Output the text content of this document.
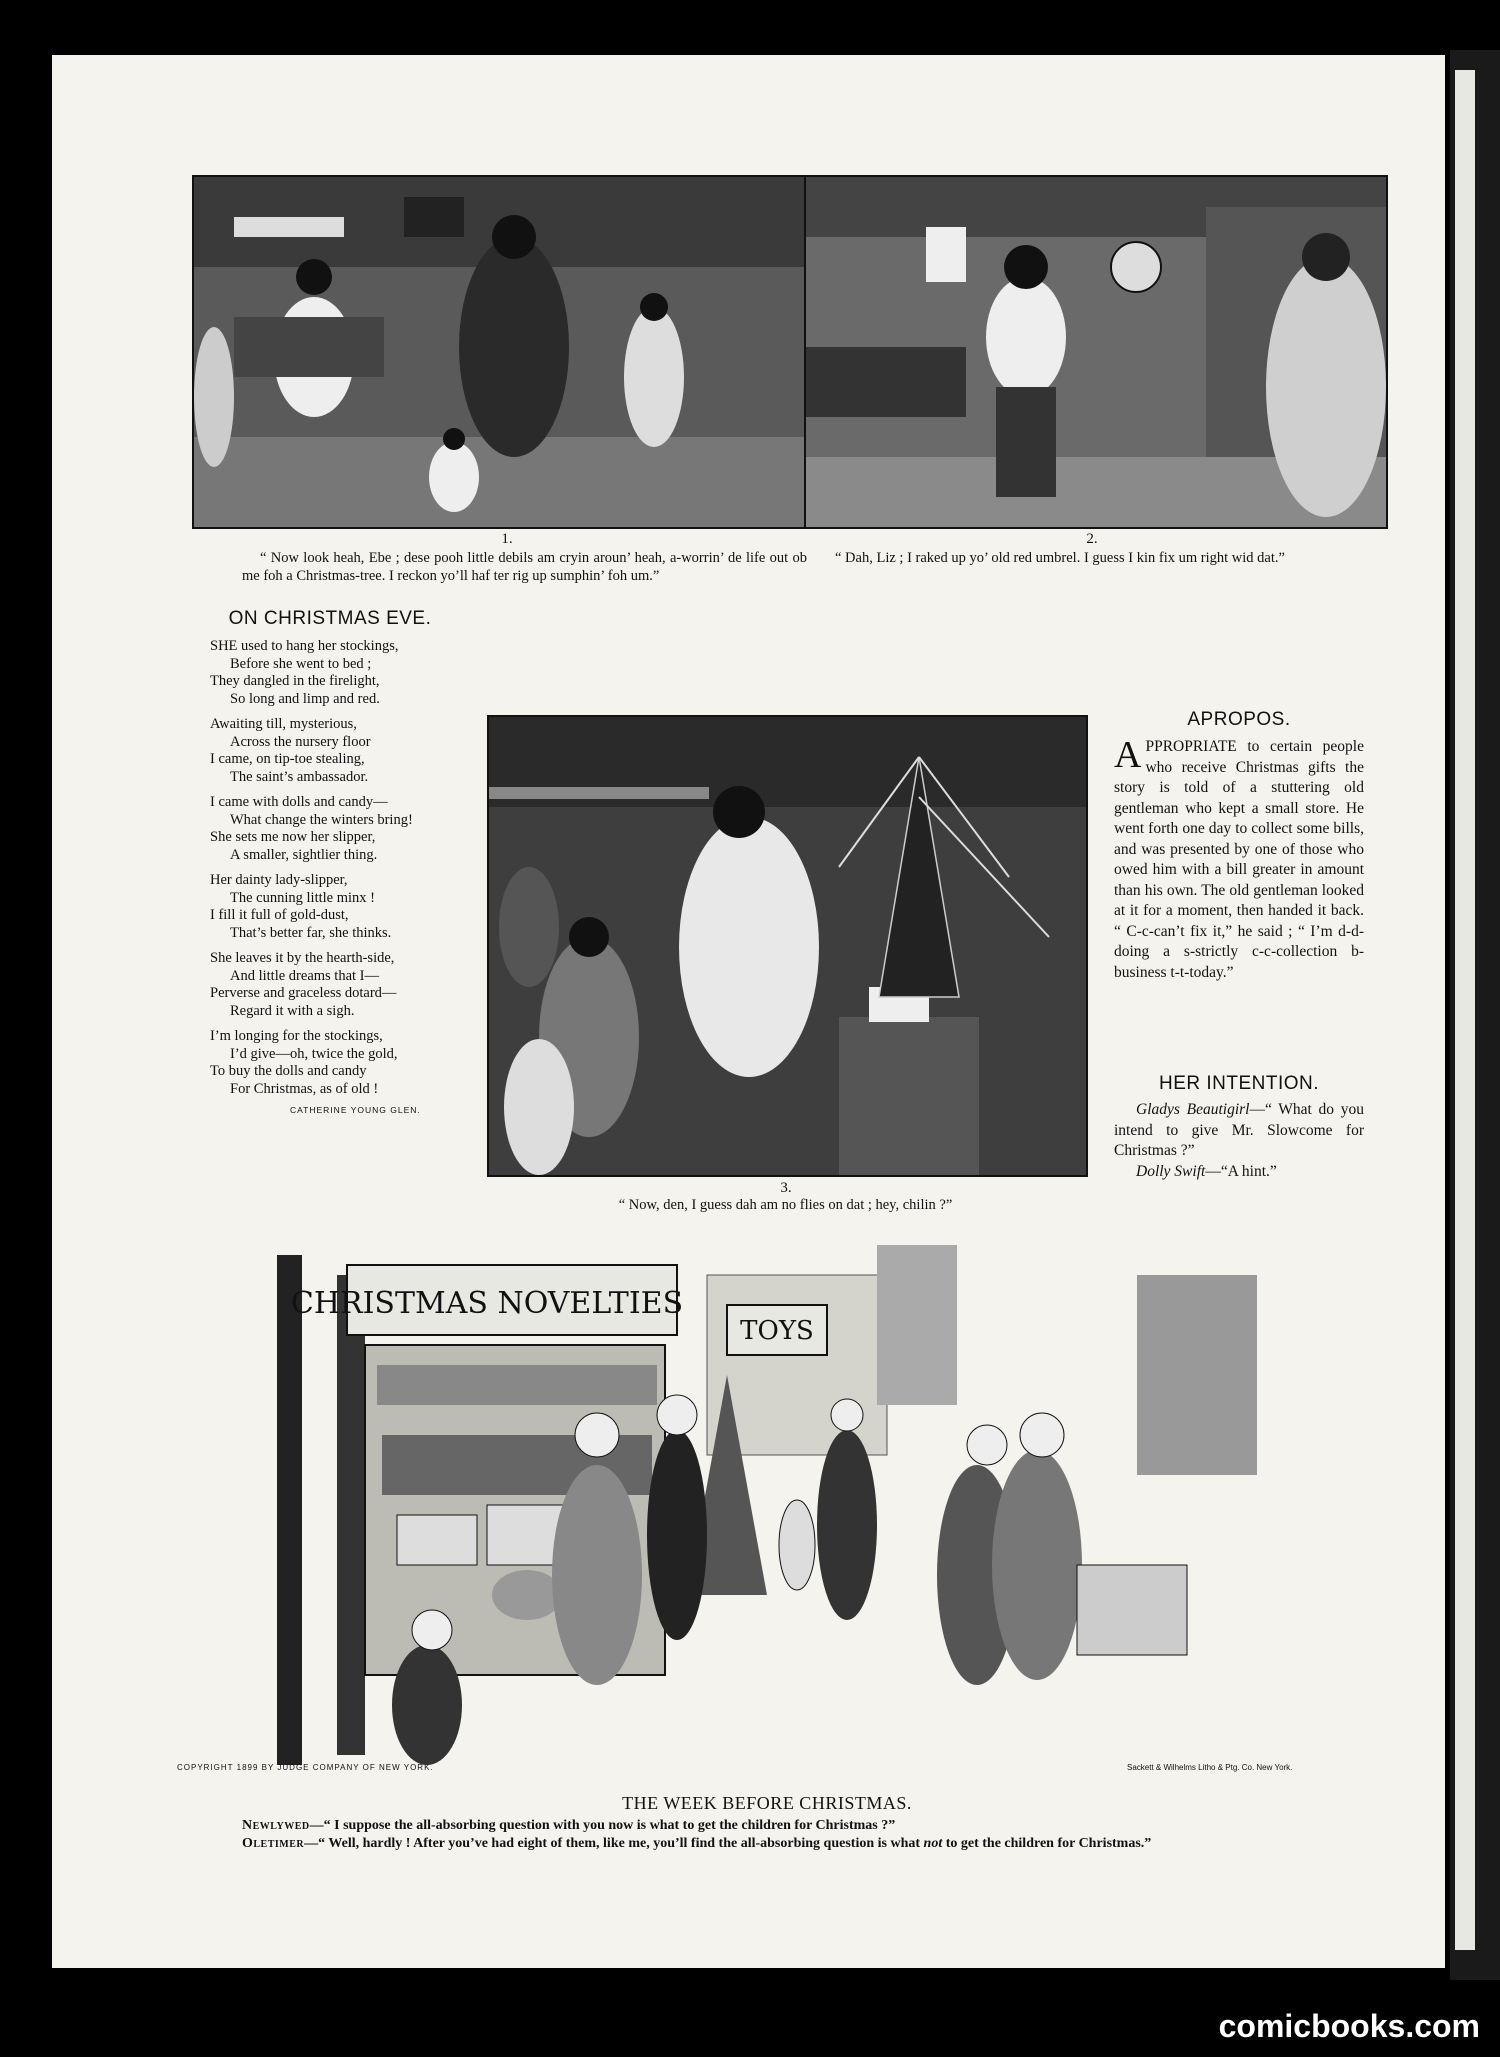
1.
“ Now look heah, Ebe ; dese pooh little debils am cryin aroun’ heah, a-worrin’ de life out ob me foh a Christmas-tree. I reckon yo’ll haf ter rig up sumphin’ foh um.”
2.
“ Dah, Liz ; I raked up yo’ old red umbrel. I guess I kin fix um right wid dat.”
ON CHRISTMAS EVE.
SHE used to hang her stockings,
Before she went to bed ;
They dangled in the firelight,
So long and limp and red.
Awaiting till, mysterious,
Across the nursery floor
I came, on tip-toe stealing,
The saint’s ambassador.
I came with dolls and candy—
What change the winters bring!
She sets me now her slipper,
A smaller, sightlier thing.
Her dainty lady-slipper,
The cunning little minx !
I fill it full of gold-dust,
That’s better far, she thinks.
She leaves it by the hearth-side,
And little dreams that I—
Perverse and graceless dotard—
Regard it with a sigh.
I’m longing for the stockings,
I’d give—oh, twice the gold,
To buy the dolls and candy
For Christmas, as of old !
CATHERINE YOUNG GLEN.
3.
“ Now, den, I guess dah am no flies on dat ; hey, chilin ?”
APROPOS.
APPROPRIATE to certain people who receive Christmas gifts the story is told of a stuttering old gentleman who kept a small store. He went forth one day to collect some bills, and was presented by one of those who owed him with a bill greater in amount than his own. The old gentleman looked at it for a moment, then handed it back. “ C-c-can’t fix it,” he said ; “ I’m d-d-doing a s-strictly c-c-collection b-business t-t-today.”
HER INTENTION.
Gladys Beautigirl—“ What do you intend to give Mr. Slowcome for Christmas ?”
Dolly Swift—“A hint.”
CHRISTMAS NOVELTIES
TOYS
COPYRIGHT 1899 BY JUDGE COMPANY OF NEW YORK.	Sackett & Wilhelms Litho & Ptg. Co. New York.
THE WEEK BEFORE CHRISTMAS.
Newlywed—“ I suppose the all-absorbing question with you now is what to get the children for Christmas ?”
Oletimer—“ Well, hardly ! After you’ve had eight of them, like me, you’ll find the all-absorbing question is what not to get the children for Christmas.”
comicbooks.com
